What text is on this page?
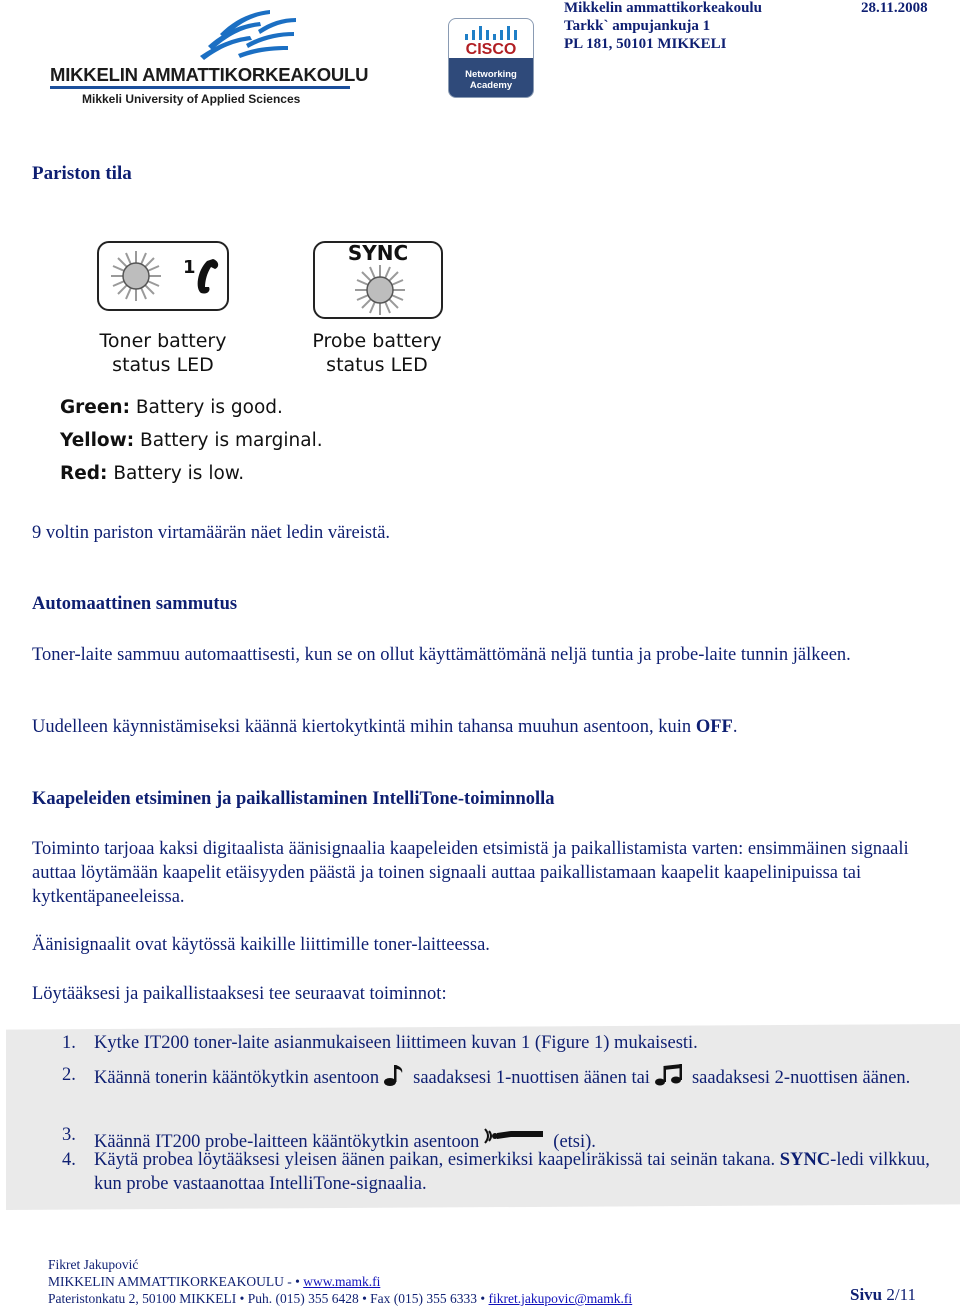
MIKKELIN AMMATTIKORKEAKOULU
Mikkeli University of Applied Sciences
CISCO
Networking Academy
Mikkelin ammattikorkeakoulu
Tarkk` ampujankuja 1
PL 181, 50101 MIKKELI
28.11.2008
Pariston tila
1
SYNC
Toner battery
status LED
Probe battery
status LED
Green: Battery is good.
Yellow: Battery is marginal.
Red: Battery is low.
9 voltin pariston virtamäärän näet ledin väreistä.
Automaattinen sammutus
Toner-laite sammuu automaattisesti, kun se on ollut käyttämättömänä neljä tuntia ja probe-laite tunnin jälkeen.
Uudelleen käynnistämiseksi käännä kiertokytkintä mihin tahansa muuhun asentoon, kuin OFF.
Kaapeleiden etsiminen ja paikallistaminen IntelliTone-toiminnolla
Toiminto tarjoaa kaksi digitaalista äänisignaalia kaapeleiden etsimistä ja paikallistamista varten: ensimmäinen signaali auttaa löytämään kaapelit etäisyyden päästä ja toinen signaali auttaa paikallistamaan kaapelit kaapelinipuissa tai kytkentäpaneeleissa.
Äänisignaalit ovat käytössä kaikille liittimille toner-laitteessa.
Löytääksesi ja paikallistaaksesi tee seuraavat toiminnot:
1. Kytke IT200 toner-laite asianmukaiseen liittimeen kuvan 1 (Figure 1) mukaisesti.
2. Käännä tonerin kääntökytkin asentoon saadaksesi 1-nuottisen äänen tai saadaksesi 2-nuottisen äänen.
3. Käännä IT200 probe-laitteen kääntökytkin asentoon	(etsi).
4. Käytä probea löytääksesi yleisen äänen paikan, esimerkiksi kaapeliräkissä tai seinän takana. SYNC-ledi vilkkuu, kun probe vastaanottaa IntelliTone-signaalia.
Fikret Jakupović
MIKKELIN AMMATTIKORKEAKOULU - • www.mamk.fi
Pateristonkatu 2, 50100 MIKKELI • Puh. (015) 355 6428 • Fax (015) 355 6333 • fikret.jakupovic@mamk.fi	Sivu 2/11
